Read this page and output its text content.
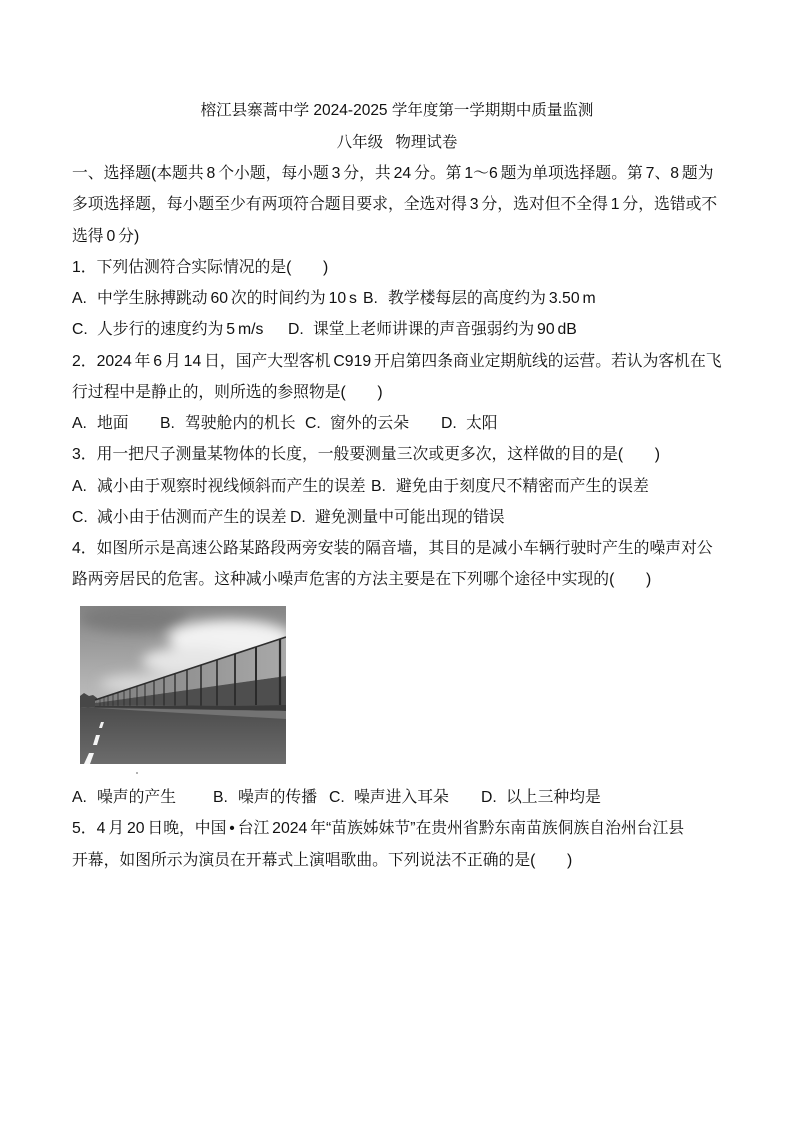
榕江县寨蒿中学 2024-2025 学年度第一学期期中质量监测
八年级 物理试卷
一、选择题(本题共 8 个小题，每小题 3 分，共 24 分。第 1～6 题为单项选择题。第 7、8 题为
多项选择题，每小题至少有两项符合题目要求，全选对得 3 分，选对但不全得 1 分，选错或不
选得 0 分)
1．下列估测符合实际情况的是(　　)
A. 中学生脉搏跳动 60 次的时间约为 10 s B. 教学楼每层的高度约为 3.50 m
C. 人步行的速度约为 5 m/s D. 课堂上老师讲课的声音强弱约为 90 dB
2．2024 年 6 月 14 日，国产大型客机 C919 开启第四条商业定期航线的运营。若认为客机在飞
行过程中是静止的，则所选的参照物是(　　)
A. 地面 B. 驾驶舱内的机长 C. 窗外的云朵 D. 太阳
3．用一把尺子测量某物体的长度，一般要测量三次或更多次，这样做的目的是(　　)
A. 减小由于观察时视线倾斜而产生的误差 B. 避免由于刻度尺不精密而产生的误差
C. 减小由于估测而产生的误差 D. 避免测量中可能出现的错误
4．如图所示是高速公路某路段两旁安装的隔音墙，其目的是减小车辆行驶时产生的噪声对公
路两旁居民的危害。这种减小噪声危害的方法主要是在下列哪个途径中实现的(　　)
A. 噪声的产生 B. 噪声的传播 C. 噪声进入耳朵 D. 以上三种均是
5．4 月 20 日晚，中国 • 台江 2024 年“苗族姊妹节”在贵州省黔东南苗族侗族自治州台江县
开幕，如图所示为演员在开幕式上演唱歌曲。下列说法不正确的是(　　)
